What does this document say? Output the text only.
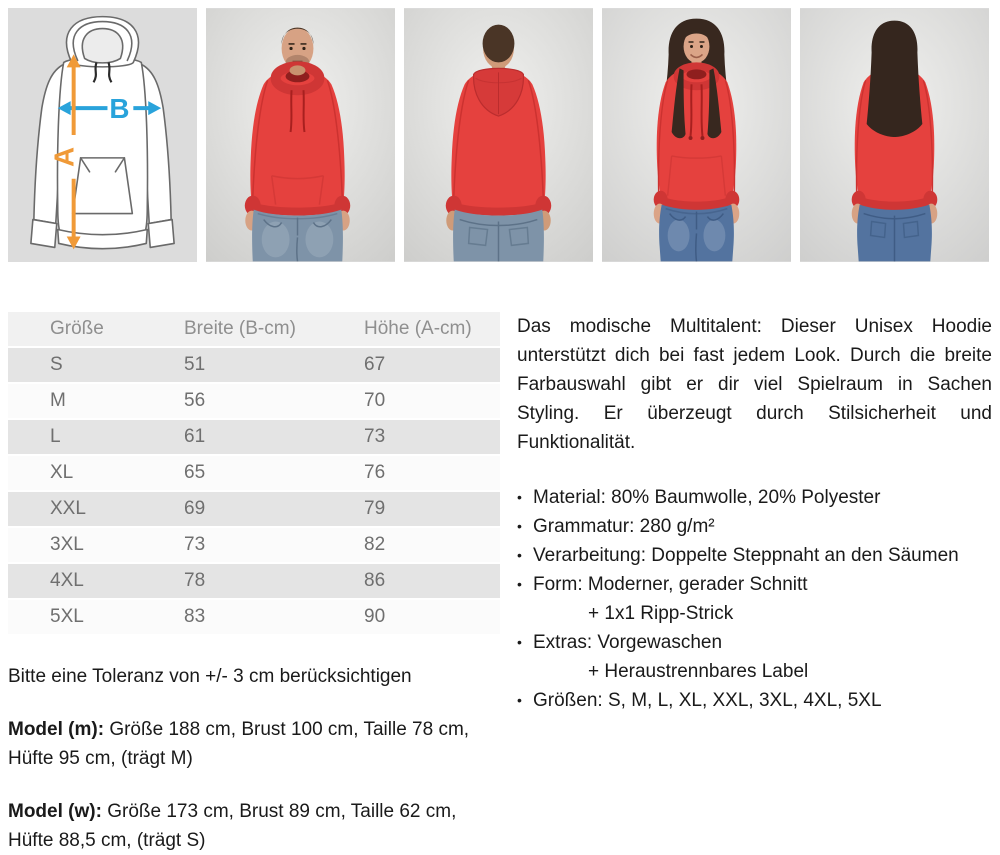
B
A
Größe	Breite (B-cm)	Höhe (A-cm)
S	51	67
M	56	70
L	61	73
XL	65	76
XXL	69	79
3XL	73	82
4XL	78	86
5XL	83	90

Bitte eine Toleranz von +/- 3 cm berücksichtigen

Model (m): Größe 188 cm, Brust 100 cm, Taille 78 cm, Hüfte 95 cm, (trägt M)

Model (w): Größe 173 cm, Brust 89 cm, Taille 62 cm, Hüfte 88,5 cm, (trägt S)

Das modische Multitalent: Dieser Unisex Hoodie unterstützt dich bei fast jedem Look. Durch die breite Farbauswahl gibt er dir viel Spielraum in Sachen Styling. Er überzeugt durch Stilsicherheit und Funktionalität.

• Material: 80% Baumwolle, 20% Polyester
• Grammatur: 280 g/m²
• Verarbeitung: Doppelte Steppnaht an den Säumen
• Form: Moderner, gerader Schnitt
+ 1x1 Ripp-Strick
• Extras: Vorgewaschen
+ Heraustrennbares Label
• Größen: S, M, L, XL, XXL, 3XL, 4XL, 5XL
